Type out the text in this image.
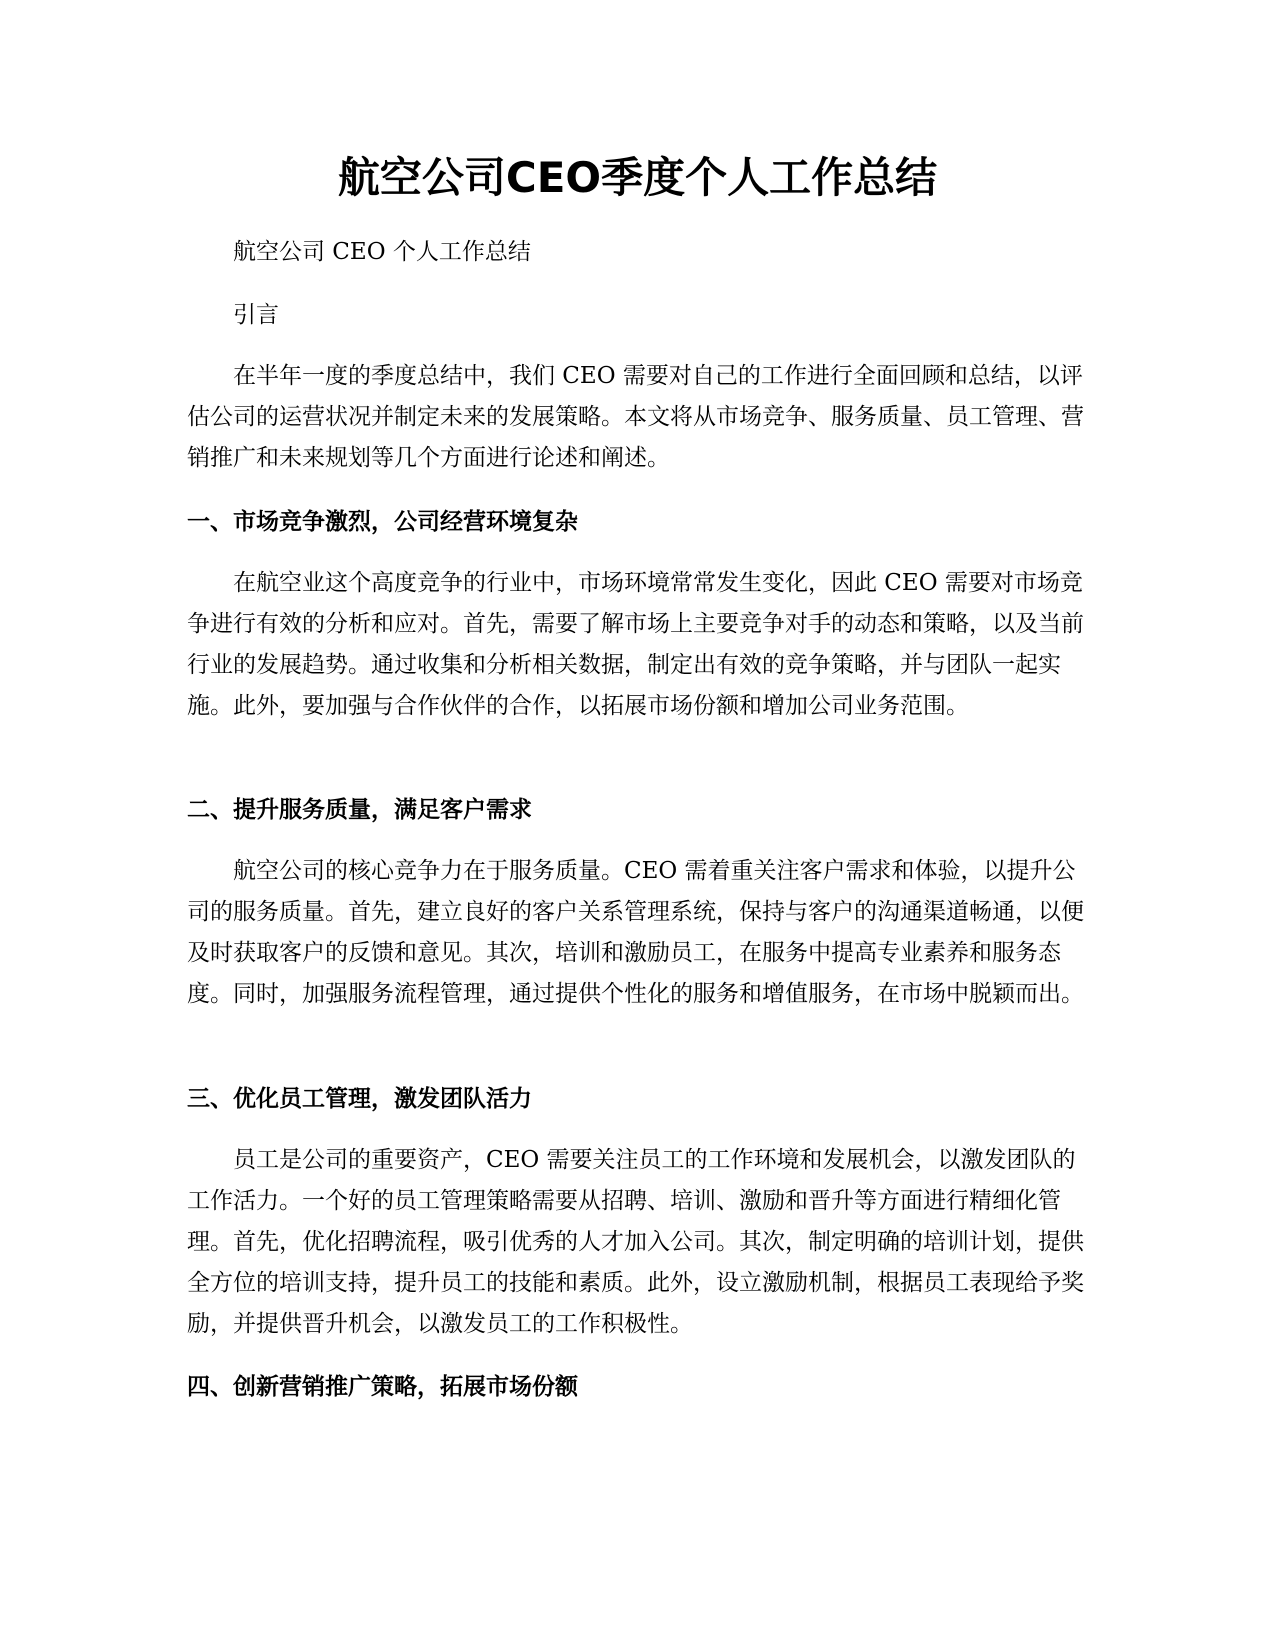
航空公司CEO季度个人工作总结

航空公司 CEO 个人工作总结

引言

在半年一度的季度总结中，我们 CEO 需要对自己的工作进行全面回顾和总结，以评估公司的运营状况并制定未来的发展策略。本文将从市场竞争、服务质量、员工管理、营销推广和未来规划等几个方面进行论述和阐述。

一、市场竞争激烈，公司经营环境复杂

在航空业这个高度竞争的行业中，市场环境常常发生变化，因此 CEO 需要对市场竞争进行有效的分析和应对。首先，需要了解市场上主要竞争对手的动态和策略，以及当前行业的发展趋势。通过收集和分析相关数据，制定出有效的竞争策略，并与团队一起实施。此外，要加强与合作伙伴的合作，以拓展市场份额和增加公司业务范围。

二、提升服务质量，满足客户需求

航空公司的核心竞争力在于服务质量。CEO 需着重关注客户需求和体验，以提升公司的服务质量。首先，建立良好的客户关系管理系统，保持与客户的沟通渠道畅通，以便及时获取客户的反馈和意见。其次，培训和激励员工，在服务中提高专业素养和服务态度。同时，加强服务流程管理，通过提供个性化的服务和增值服务，在市场中脱颖而出。

三、优化员工管理，激发团队活力

员工是公司的重要资产，CEO 需要关注员工的工作环境和发展机会，以激发团队的工作活力。一个好的员工管理策略需要从招聘、培训、激励和晋升等方面进行精细化管理。首先，优化招聘流程，吸引优秀的人才加入公司。其次，制定明确的培训计划，提供全方位的培训支持，提升员工的技能和素质。此外，设立激励机制，根据员工表现给予奖励，并提供晋升机会，以激发员工的工作积极性。

四、创新营销推广策略，拓展市场份额
